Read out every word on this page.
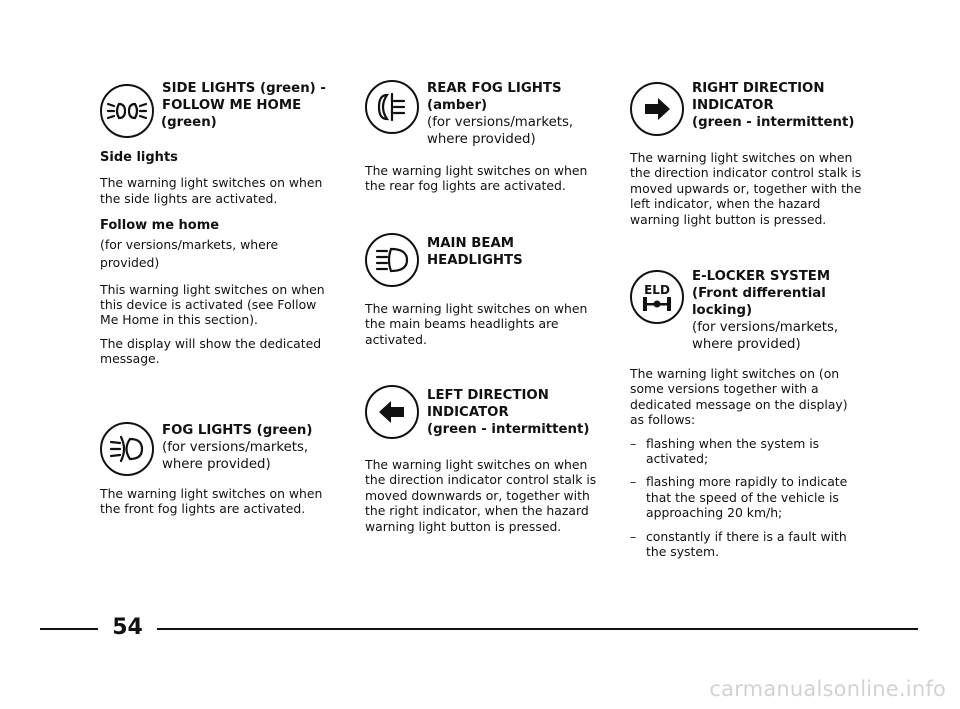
SIDE LIGHTS (green) -
FOLLOW ME HOME
(green)

Side lights

The warning light switches on when the side lights are activated.

Follow me home

(for versions/markets, where provided)

This warning light switches on when this device is activated (see Follow Me Home in this section).

The display will show the dedicated message.

FOG LIGHTS (green)
(for versions/markets,
where provided)
The warning light switches on when the front fog lights are activated.
REAR FOG LIGHTS
(amber)
(for versions/markets,
where provided)
The warning light switches on when the rear fog lights are activated.
MAIN BEAM
HEADLIGHTS
The warning light switches on when the main beams headlights are activated.
LEFT DIRECTION
INDICATOR
(green - intermittent)
The warning light switches on when the direction indicator control stalk is moved downwards or, together with the right indicator, when the hazard warning light button is pressed.
RIGHT DIRECTION
INDICATOR
(green - intermittent)
The warning light switches on when the direction indicator control stalk is moved upwards or, together with the left indicator, when the hazard warning light button is pressed.
ELD
E-LOCKER SYSTEM
(Front differential
locking)
(for versions/markets,
where provided)

The warning light switches on (on some versions together with a dedicated message on the display) as follows:

– flashing when the system is activated;
– flashing more rapidly to indicate that the speed of the vehicle is approaching 20 km/h;
– constantly if there is a fault with the system.
54
carmanualsonline.info
